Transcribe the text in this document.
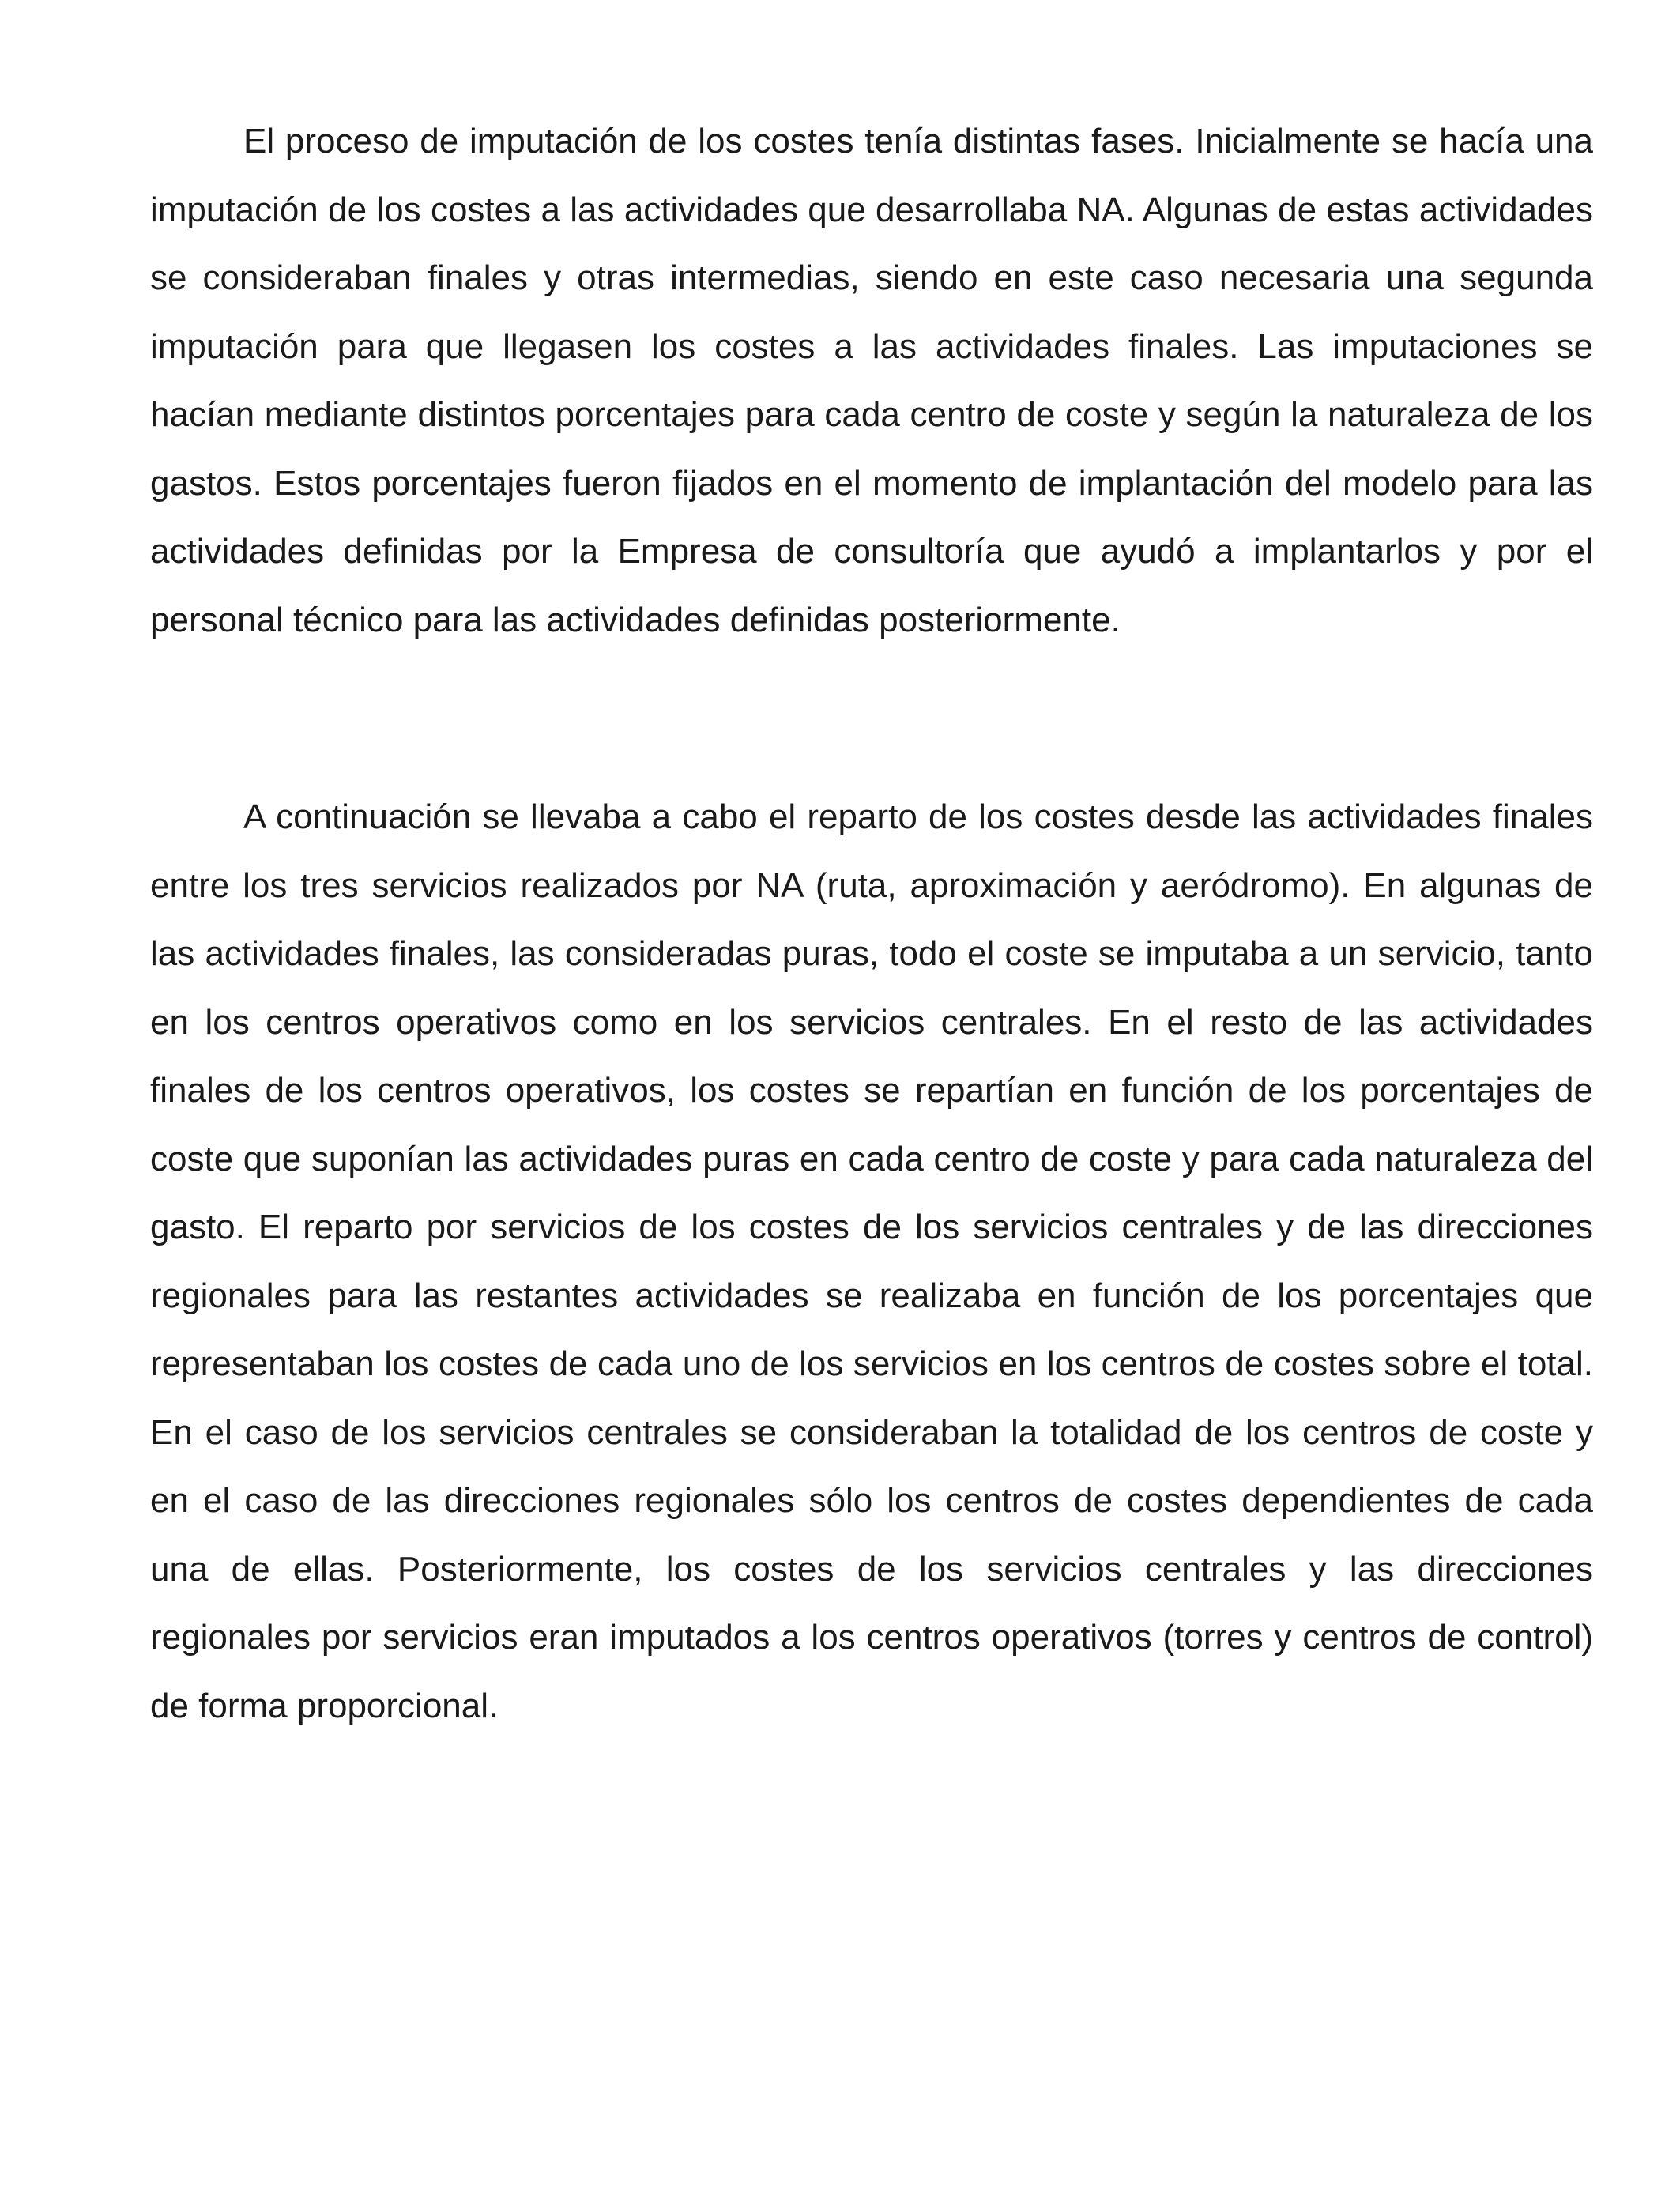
El proceso de imputación de los costes tenía distintas fases. Inicialmente se hacía una imputación de los costes a las actividades que desarrollaba NA. Algunas de estas actividades se consideraban finales y otras intermedias, siendo en este caso necesaria una segunda imputación para que llegasen los costes a las actividades finales. Las imputaciones se hacían mediante distintos porcentajes para cada centro de coste y según la naturaleza de los gastos. Estos porcentajes fueron fijados en el momento de implantación del modelo para las actividades definidas por la Empresa de consultoría que ayudó a implantarlos y por el personal técnico para las actividades definidas posteriormente.

A continuación se llevaba a cabo el reparto de los costes desde las actividades finales entre los tres servicios realizados por NA (ruta, aproximación y aeródromo). En algunas de las actividades finales, las consideradas puras, todo el coste se imputaba a un servicio, tanto en los centros operativos como en los servicios centrales. En el resto de las actividades finales de los centros operativos, los costes se repartían en función de los porcentajes de coste que suponían las actividades puras en cada centro de coste y para cada naturaleza del gasto. El reparto por servicios de los costes de los servicios centrales y de las direcciones regionales para las restantes actividades se realizaba en función de los porcentajes que representaban los costes de cada uno de los servicios en los centros de costes sobre el total. En el caso de los servicios centrales se consideraban la totalidad de los centros de coste y en el caso de las direcciones regionales sólo los centros de costes dependientes de cada una de ellas. Posteriormente, los costes de los servicios centrales y las direcciones regionales por servicios eran imputados a los centros operativos (torres y centros de control) de forma proporcional.
